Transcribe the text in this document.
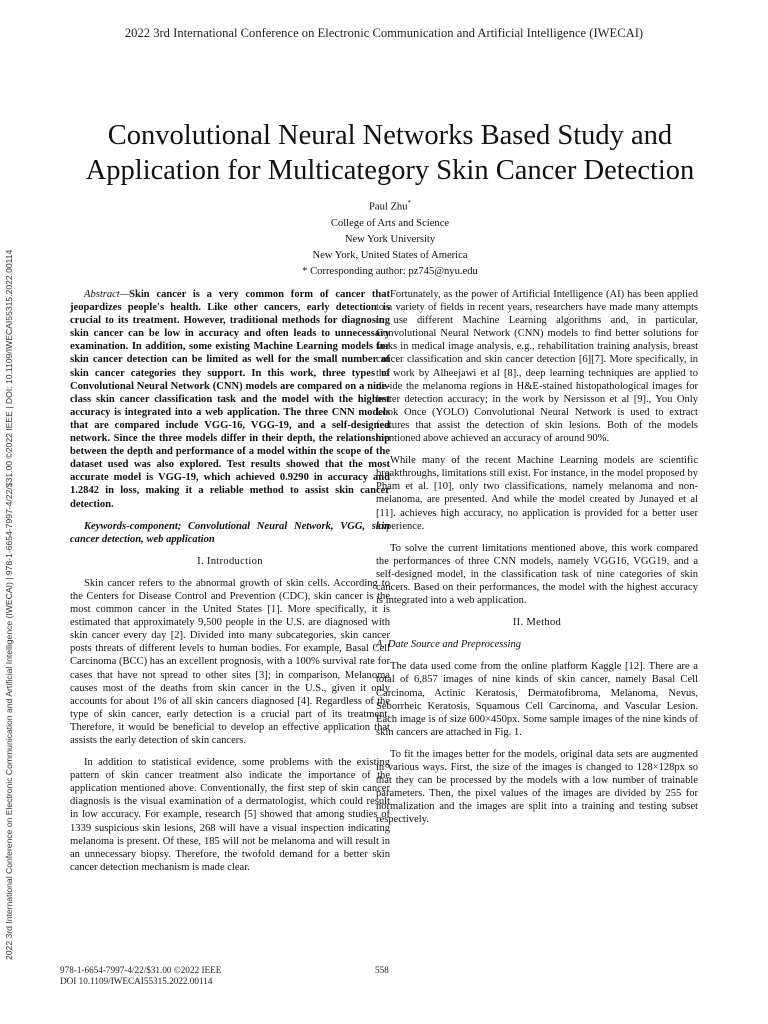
2022 3rd International Conference on Electronic Communication and Artificial Intelligence (IWECAI)
2022 3rd International Conference on Electronic Communication and Artificial Intelligence (IWECAI) | 978-1-6654-7997-4/22/$31.00 ©2022 IEEE | DOI: 10.1109/IWECAI55315.2022.00114
Convolutional Neural Networks Based Study and
Application for Multicategory Skin Cancer Detection
Paul Zhu*
College of Arts and Science
New York University
New York, United States of America
* Corresponding author: pz745@nyu.edu

Abstract—Skin cancer is a very common form of cancer that jeopardizes people's health. Like other cancers, early detection is crucial to its treatment. However, traditional methods for diagnosing skin cancer can be low in accuracy and often leads to unnecessary examination. In addition, some existing Machine Learning models for skin cancer detection can be limited as well for the small number of skin cancer categories they support. In this work, three types of Convolutional Neural Network (CNN) models are compared on a nine-class skin cancer classification task and the model with the highest accuracy is integrated into a web application. The three CNN models that are compared include VGG-16, VGG-19, and a self-designed network. Since the three models differ in their depth, the relationship between the depth and performance of a model within the scope of the dataset used was also explored. Test results showed that the most accurate model is VGG-19, which achieved 0.9290 in accuracy and 1.2842 in loss, making it a reliable method to assist skin cancer detection.

Keywords-component; Convolutional Neural Network, VGG, skin cancer detection, web application

I. Introduction

Skin cancer refers to the abnormal growth of skin cells. According to the Centers for Disease Control and Prevention (CDC), skin cancer is the most common cancer in the United States [1]. More specifically, it is estimated that approximately 9,500 people in the U.S. are diagnosed with skin cancer every day [2]. Divided into many subcategories, skin cancer posts threats of different levels to human bodies. For example, Basal Cell Carcinoma (BCC) has an excellent prognosis, with a 100% survival rate for cases that have not spread to other sites [3]; in comparison, Melanoma causes most of the deaths from skin cancer in the U.S., given it only accounts for about 1% of all skin cancers diagnosed [4]. Regardless of the type of skin cancer, early detection is a crucial part of its treatment. Therefore, it would be beneficial to develop an effective application that assists the early detection of skin cancers.

In addition to statistical evidence, some problems with the existing pattern of skin cancer treatment also indicate the importance of the application mentioned above. Conventionally, the first step of skin cancer diagnosis is the visual examination of a dermatologist, which could result in low accuracy. For example, research [5] showed that among studies of 1339 suspicious skin lesions, 268 will have a visual inspection indicating melanoma is present. Of these, 185 will not be melanoma and will result in an unnecessary biopsy. Therefore, the twofold demand for a better skin cancer detection mechanism is made clear.

Fortunately, as the power of Artificial Intelligence (AI) has been applied to a variety of fields in recent years, researchers have made many attempts to use different Machine Learning algorithms and, in particular, Convolutional Neural Network (CNN) models to find better solutions for tasks in medical image analysis, e.g., rehabilitation training analysis, breast cancer classification and skin cancer detection [6][7]. More specifically, in the work by Alheejawi et al [8]., deep learning techniques are applied to divide the melanoma regions in H&E-stained histopathological images for better detection accuracy; in the work by Nersisson et al [9]., You Only Look Once (YOLO) Convolutional Neural Network is used to extract features that assist the detection of skin lesions. Both of the models mentioned above achieved an accuracy of around 90%.

While many of the recent Machine Learning models are scientific breakthroughs, limitations still exist. For instance, in the model proposed by Pham et al. [10], only two classifications, namely melanoma and non-melanoma, are presented. And while the model created by Junayed et al [11]. achieves high accuracy, no application is provided for a better user experience.

To solve the current limitations mentioned above, this work compared the performances of three CNN models, namely VGG16, VGG19, and a self-designed model, in the classification task of nine categories of skin cancers. Based on their performances, the model with the highest accuracy is integrated into a web application.

II. Method

A. Date Source and Preprocessing

The data used come from the online platform Kaggle [12]. There are a total of 6,857 images of nine kinds of skin cancer, namely Basal Cell Carcinoma, Actinic Keratosis, Dermatofibroma, Melanoma, Nevus, Seborrheic Keratosis, Squamous Cell Carcinoma, and Vascular Lesion. Each image is of size 600×450px. Some sample images of the nine kinds of skin cancers are attached in Fig. 1.

To fit the images better for the models, original data sets are augmented in various ways. First, the size of the images is changed to 128×128px so that they can be processed by the models with a low number of trainable parameters. Then, the pixel values of the images are divided by 255 for normalization and the images are split into a training and testing subset respectively.

978-1-6654-7997-4/22/$31.00 ©2022 IEEE
DOI 10.1109/IWECAI55315.2022.00114
558
